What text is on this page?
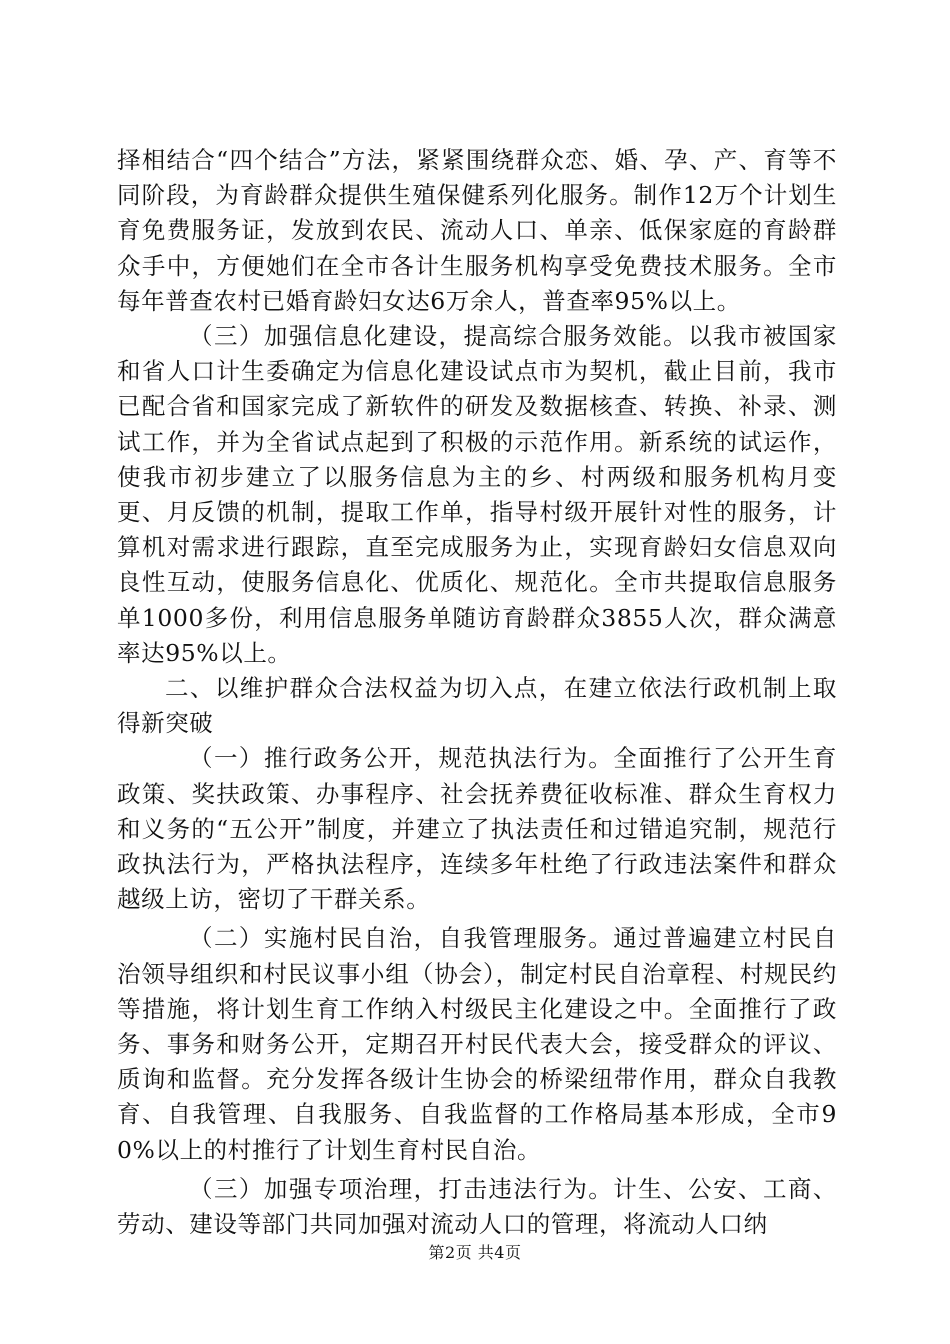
择相结合“四个结合”方法，紧紧围绕群众恋、婚、孕、产、育等不同阶段，为育龄群众提供生殖保健系列化服务。制作12万个计划生育免费服务证，发放到农民、流动人口、单亲、低保家庭的育龄群众手中，方便她们在全市各计生服务机构享受免费技术服务。全市每年普查农村已婚育龄妇女达6万余人，普查率95%以上。

（三）加强信息化建设，提高综合服务效能。以我市被国家和省人口计生委确定为信息化建设试点市为契机，截止目前，我市已配合省和国家完成了新软件的研发及数据核查、转换、补录、测试工作，并为全省试点起到了积极的示范作用。新系统的试运作，使我市初步建立了以服务信息为主的乡、村两级和服务机构月变更、月反馈的机制，提取工作单，指导村级开展针对性的服务，计算机对需求进行跟踪，直至完成服务为止，实现育龄妇女信息双向良性互动，使服务信息化、优质化、规范化。全市共提取信息服务单1000多份，利用信息服务单随访育龄群众3855人次，群众满意率达95%以上。

二、以维护群众合法权益为切入点，在建立依法行政机制上取得新突破

（一）推行政务公开，规范执法行为。全面推行了公开生育政策、奖扶政策、办事程序、社会抚养费征收标准、群众生育权力和义务的“五公开”制度，并建立了执法责任和过错追究制，规范行政执法行为，严格执法程序，连续多年杜绝了行政违法案件和群众越级上访，密切了干群关系。

（二）实施村民自治，自我管理服务。通过普遍建立村民自治领导组织和村民议事小组（协会），制定村民自治章程、村规民约等措施，将计划生育工作纳入村级民主化建设之中。全面推行了政务、事务和财务公开，定期召开村民代表大会，接受群众的评议、质询和监督。充分发挥各级计生协会的桥梁纽带作用，群众自我教育、自我管理、自我服务、自我监督的工作格局基本形成，全市90%以上的村推行了计划生育村民自治。

（三）加强专项治理，打击违法行为。计生、公安、工商、劳动、建设等部门共同加强对流动人口的管理，将流动人口纳

第2页 共4页
